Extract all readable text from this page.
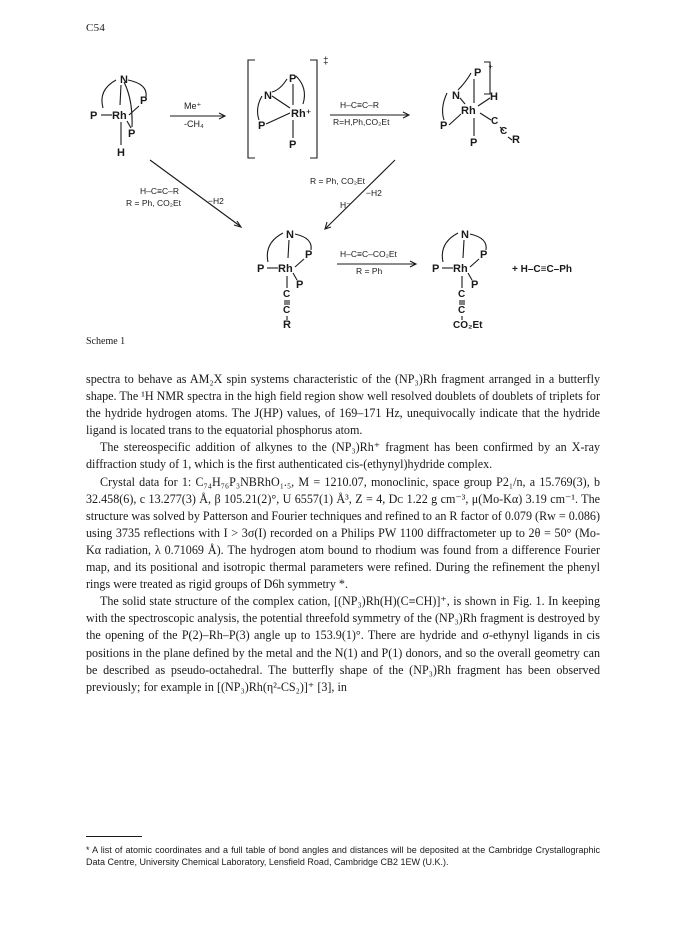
C54
N
P
P Rh
P
H
Me⁺
-CH₄
‡
P
N
Rh⁺
P
P
H–C≡C–R
R=H,Ph,CO₂Et
P ⁺
N	H
Rh
P	C
C
R
P
H–C≡C–R
R = Ph, CO₂Et	−H2
R = Ph, CO₂Et
−H2
H⁻
N
P
P Rh
P
C
C
R
H–C≡C–CO₂Et
R = Ph
N
P
P Rh
P
C
C
CO₂Et
+ H–C≡C–Ph
Scheme 1

spectra to behave as AM₂X spin systems characteristic of the (NP₃)Rh fragment arranged in a butterfly shape. The ¹H NMR spectra in the high field region show well resolved doublets of doublets of triplets for the hydride hydrogen atoms. The J(HP) values, of 169–171 Hz, unequivocally indicate that the hydride ligand is located trans to the equatorial phosphorus atom.

The stereospecific addition of alkynes to the (NP₃)Rh⁺ fragment has been confirmed by an X-ray diffraction study of 1, which is the first authenticated cis-(ethynyl)hydride complex.

Crystal data for 1: C₇₄H₇₆P₃NBRhO₁.₅, M = 1210.07, monoclinic, space group P2₁/n, a 15.769(3), b 32.458(6), c 13.277(3) Å, β 105.21(2)°, U 6557(1) Å³, Z = 4, Dᴄ 1.22 g cm⁻³, μ(Mo-Kα) 3.19 cm⁻¹. The structure was solved by Patterson and Fourier techniques and refined to an R factor of 0.079 (Rw = 0.086) using 3735 reflections with I > 3σ(I) recorded on a Philips PW 1100 diffractometer up to 2θ = 50° (Mo-Kα radiation, λ 0.71069 Å). The hydrogen atom bound to rhodium was found from a difference Fourier map, and its positional and isotropic thermal parameters were refined. During the refinement the phenyl rings were treated as rigid groups of D6h symmetry *.

The solid state structure of the complex cation, [(NP₃)Rh(H)(C≡CH)]⁺, is shown in Fig. 1. In keeping with the spectroscopic analysis, the potential threefold symmetry of the (NP₃)Rh fragment is destroyed by the opening of the P(2)–Rh–P(3) angle up to 153.9(1)°. There are hydride and σ-ethynyl ligands in cis positions in the plane defined by the metal and the N(1) and P(1) donors, and so the overall geometry can be described as pseudo-octahedral. The butterfly shape of the (NP₃)Rh fragment has been observed previously; for example in [(NP₃)Rh(η²-CS₂)]⁺ [3], in

* A list of atomic coordinates and a full table of bond angles and distances will be deposited at the Cambridge Crystallographic Data Centre, University Chemical Laboratory, Lensfield Road, Cambridge CB2 1EW (U.K.).
